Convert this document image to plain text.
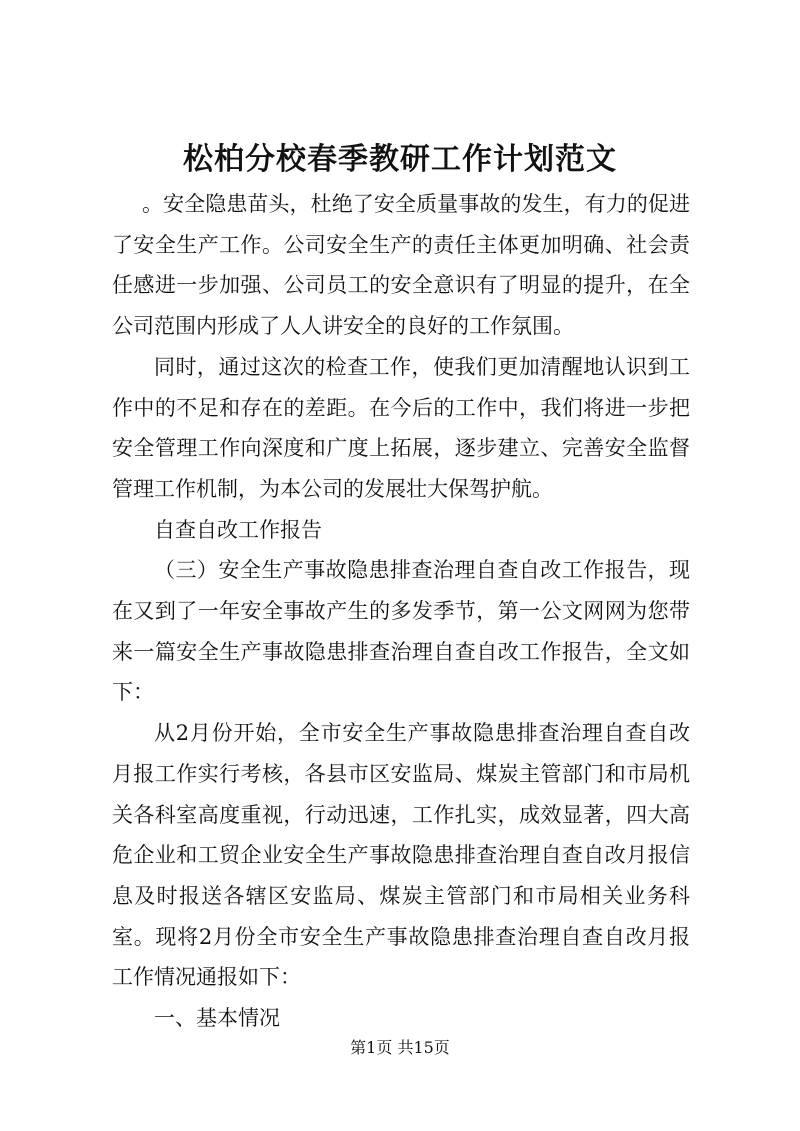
松柏分校春季教研工作计划范文

。安全隐患苗头，杜绝了安全质量事故的发生，有力的促进了安全生产工作。公司安全生产的责任主体更加明确、社会责任感进一步加强、公司员工的安全意识有了明显的提升，在全公司范围内形成了人人讲安全的良好的工作氛围。

同时，通过这次的检查工作，使我们更加清醒地认识到工作中的不足和存在的差距。在今后的工作中，我们将进一步把安全管理工作向深度和广度上拓展，逐步建立、完善安全监督管理工作机制，为本公司的发展壮大保驾护航。

自查自改工作报告

（三）安全生产事故隐患排查治理自查自改工作报告，现在又到了一年安全事故产生的多发季节，第一公文网网为您带来一篇安全生产事故隐患排查治理自查自改工作报告，全文如下：

从2月份开始，全市安全生产事故隐患排查治理自查自改月报工作实行考核，各县市区安监局、煤炭主管部门和市局机关各科室高度重视，行动迅速，工作扎实，成效显著，四大高危企业和工贸企业安全生产事故隐患排查治理自查自改月报信息及时报送各辖区安监局、煤炭主管部门和市局相关业务科室。现将2月份全市安全生产事故隐患排查治理自查自改月报工作情况通报如下：

一、基本情况

第1页 共15页
